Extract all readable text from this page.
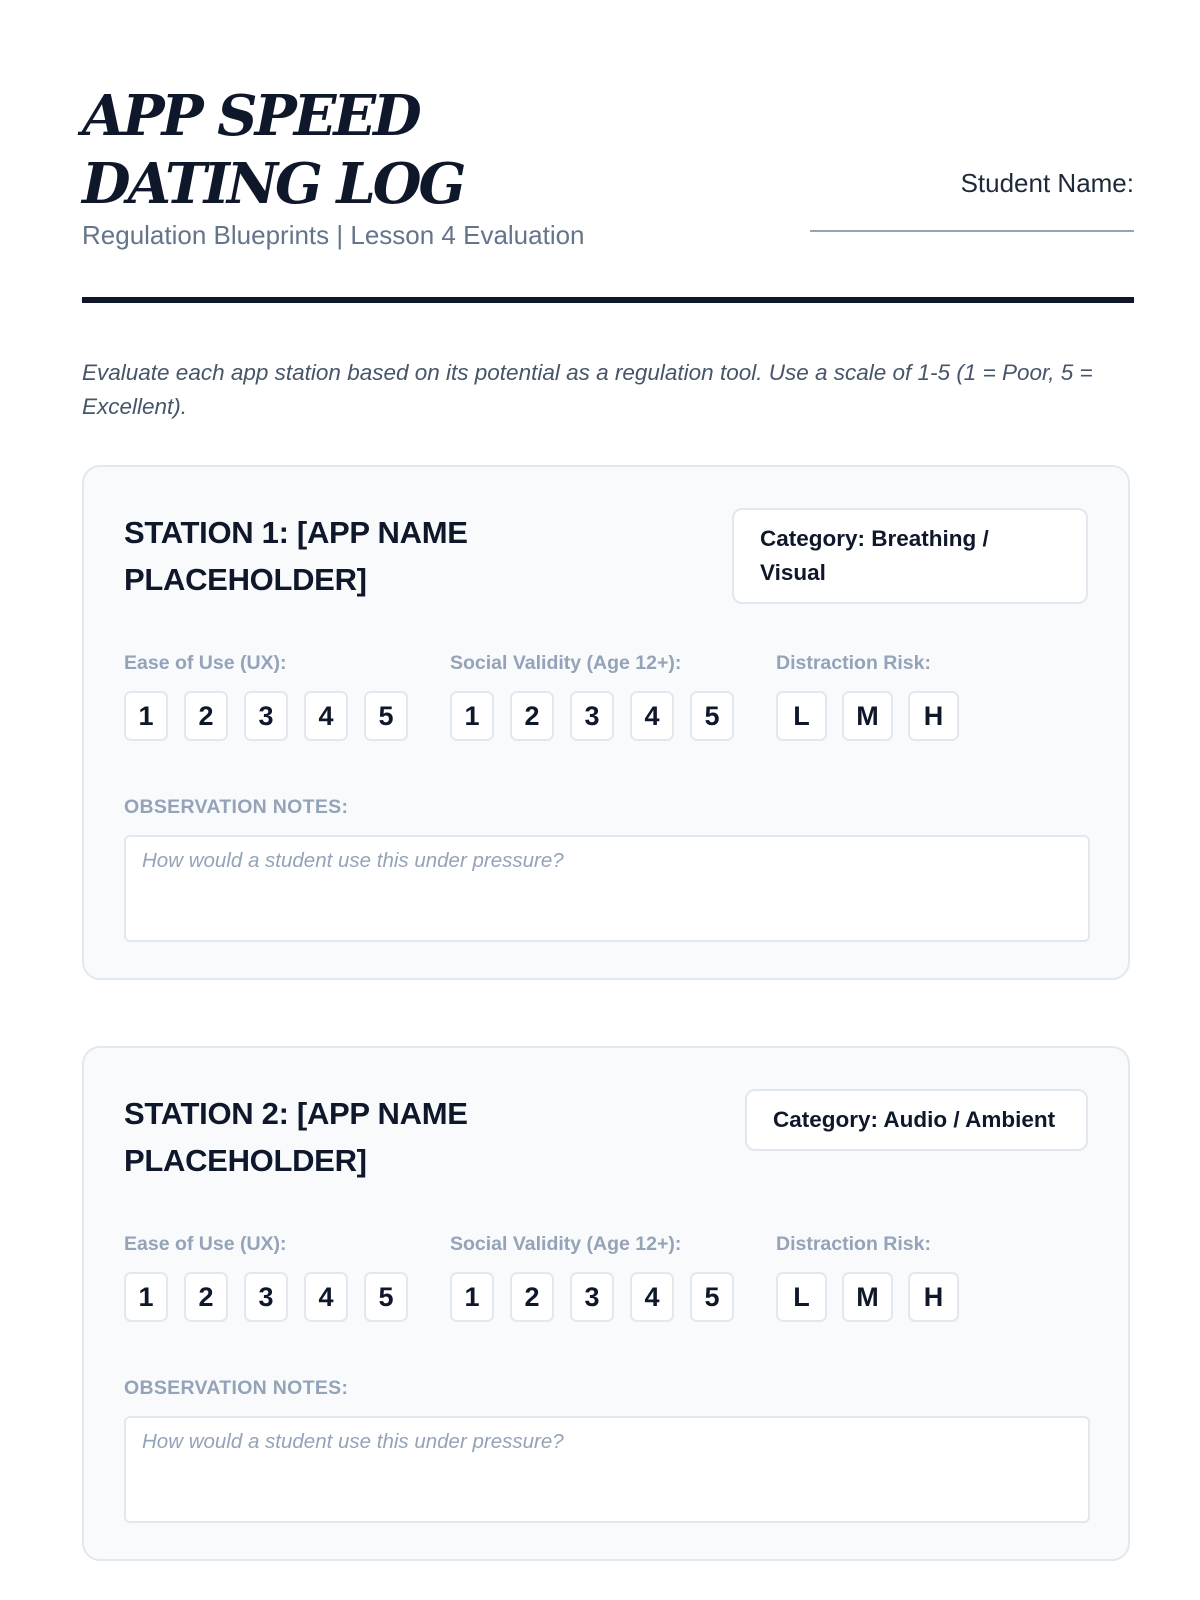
APP SPEED DATING LOG
Regulation Blueprints | Lesson 4 Evaluation
Student Name:
Evaluate each app station based on its potential as a regulation tool. Use a scale of 1-5 (1 = Poor, 5 = Excellent).
STATION 1: [APP NAME PLACEHOLDER]
Category: Breathing / Visual
Ease of Use (UX):
1	2	3	4	5
Social Validity (Age 12+):
1	2	3	4	5
Distraction Risk:
L	M	H
OBSERVATION NOTES:
How would a student use this under pressure?
STATION 2: [APP NAME PLACEHOLDER]
Category: Audio / Ambient
Ease of Use (UX):
1	2	3	4	5
Social Validity (Age 12+):
1	2	3	4	5
Distraction Risk:
L	M	H
OBSERVATION NOTES:
How would a student use this under pressure?
